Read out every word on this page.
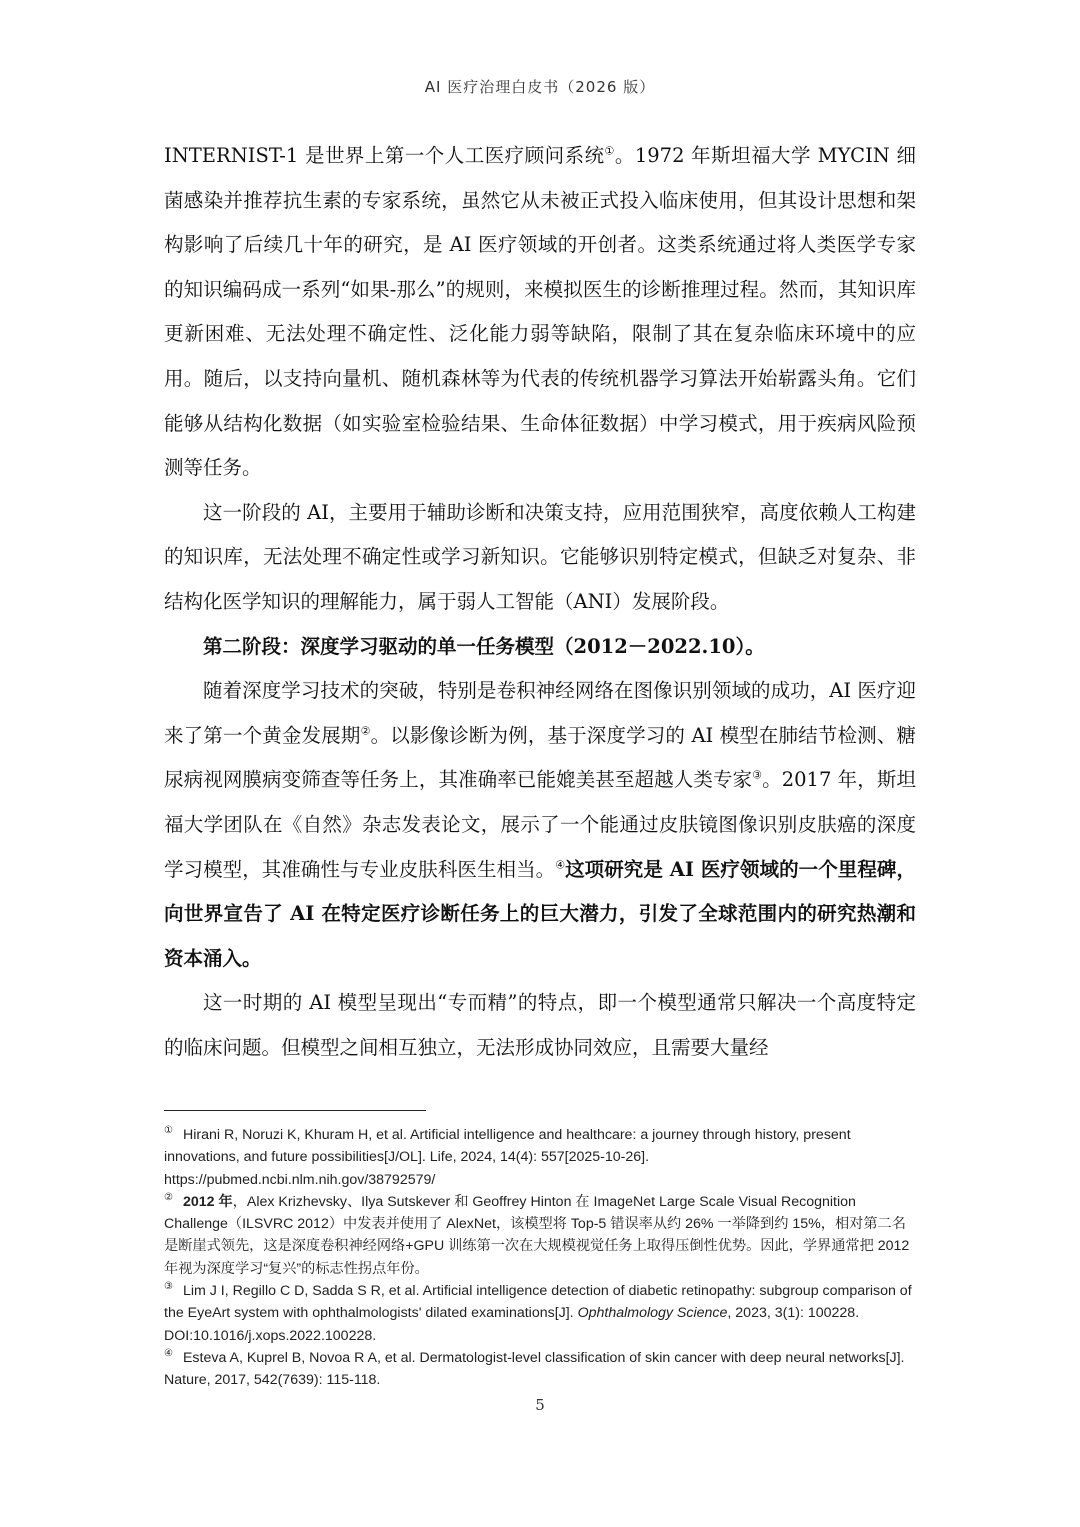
AI 医疗治理白皮书（2026 版）

INTERNIST-1 是世界上第一个人工医疗顾问系统①。1972 年斯坦福大学 MYCIN 细菌感染并推荐抗生素的专家系统，虽然它从未被正式投入临床使用，但其设计思想和架构影响了后续几十年的研究，是 AI 医疗领域的开创者。这类系统通过将人类医学专家的知识编码成一系列“如果-那么”的规则，来模拟医生的诊断推理过程。然而，其知识库更新困难、无法处理不确定性、泛化能力弱等缺陷，限制了其在复杂临床环境中的应用。随后，以支持向量机、随机森林等为代表的传统机器学习算法开始崭露头角。它们能够从结构化数据（如实验室检验结果、生命体征数据）中学习模式，用于疾病风险预测等任务。

这一阶段的 AI，主要用于辅助诊断和决策支持，应用范围狭窄，高度依赖人工构建的知识库，无法处理不确定性或学习新知识。它能够识别特定模式，但缺乏对复杂、非结构化医学知识的理解能力，属于弱人工智能（ANI）发展阶段。

第二阶段：深度学习驱动的单一任务模型（2012－2022.10）。

随着深度学习技术的突破，特别是卷积神经网络在图像识别领域的成功，AI 医疗迎来了第一个黄金发展期②。以影像诊断为例，基于深度学习的 AI 模型在肺结节检测、糖尿病视网膜病变筛查等任务上，其准确率已能媲美甚至超越人类专家③。2017 年，斯坦福大学团队在《自然》杂志发表论文，展示了一个能通过皮肤镜图像识别皮肤癌的深度学习模型，其准确性与专业皮肤科医生相当。④这项研究是 AI 医疗领域的一个里程碑，向世界宣告了 AI 在特定医疗诊断任务上的巨大潜力，引发了全球范围内的研究热潮和资本涌入。

这一时期的 AI 模型呈现出“专而精”的特点，即一个模型通常只解决一个高度特定的临床问题。但模型之间相互独立，无法形成协同效应，且需要大量经

① Hirani R, Noruzi K, Khuram H, et al. Artificial intelligence and healthcare: a journey through history, present innovations, and future possibilities[J/OL]. Life, 2024, 14(4): 557[2025-10-26]. https://pubmed.ncbi.nlm.nih.gov/38792579/

② 2012 年，Alex Krizhevsky、Ilya Sutskever 和 Geoffrey Hinton 在 ImageNet Large Scale Visual Recognition Challenge（ILSVRC 2012）中发表并使用了 AlexNet，该模型将 Top-5 错误率从约 26% 一举降到约 15%，相对第二名是断崖式领先，这是深度卷积神经网络+GPU 训练第一次在大规模视觉任务上取得压倒性优势。因此，学界通常把 2012 年视为深度学习“复兴”的标志性拐点年份。

③ Lim J I, Regillo C D, Sadda S R, et al. Artificial intelligence detection of diabetic retinopathy: subgroup comparison of the EyeArt system with ophthalmologists' dilated examinations[J]. Ophthalmology Science, 2023, 3(1): 100228. DOI:10.1016/j.xops.2022.100228.

④ Esteva A, Kuprel B, Novoa R A, et al. Dermatologist-level classification of skin cancer with deep neural networks[J]. Nature, 2017, 542(7639): 115-118.

5
